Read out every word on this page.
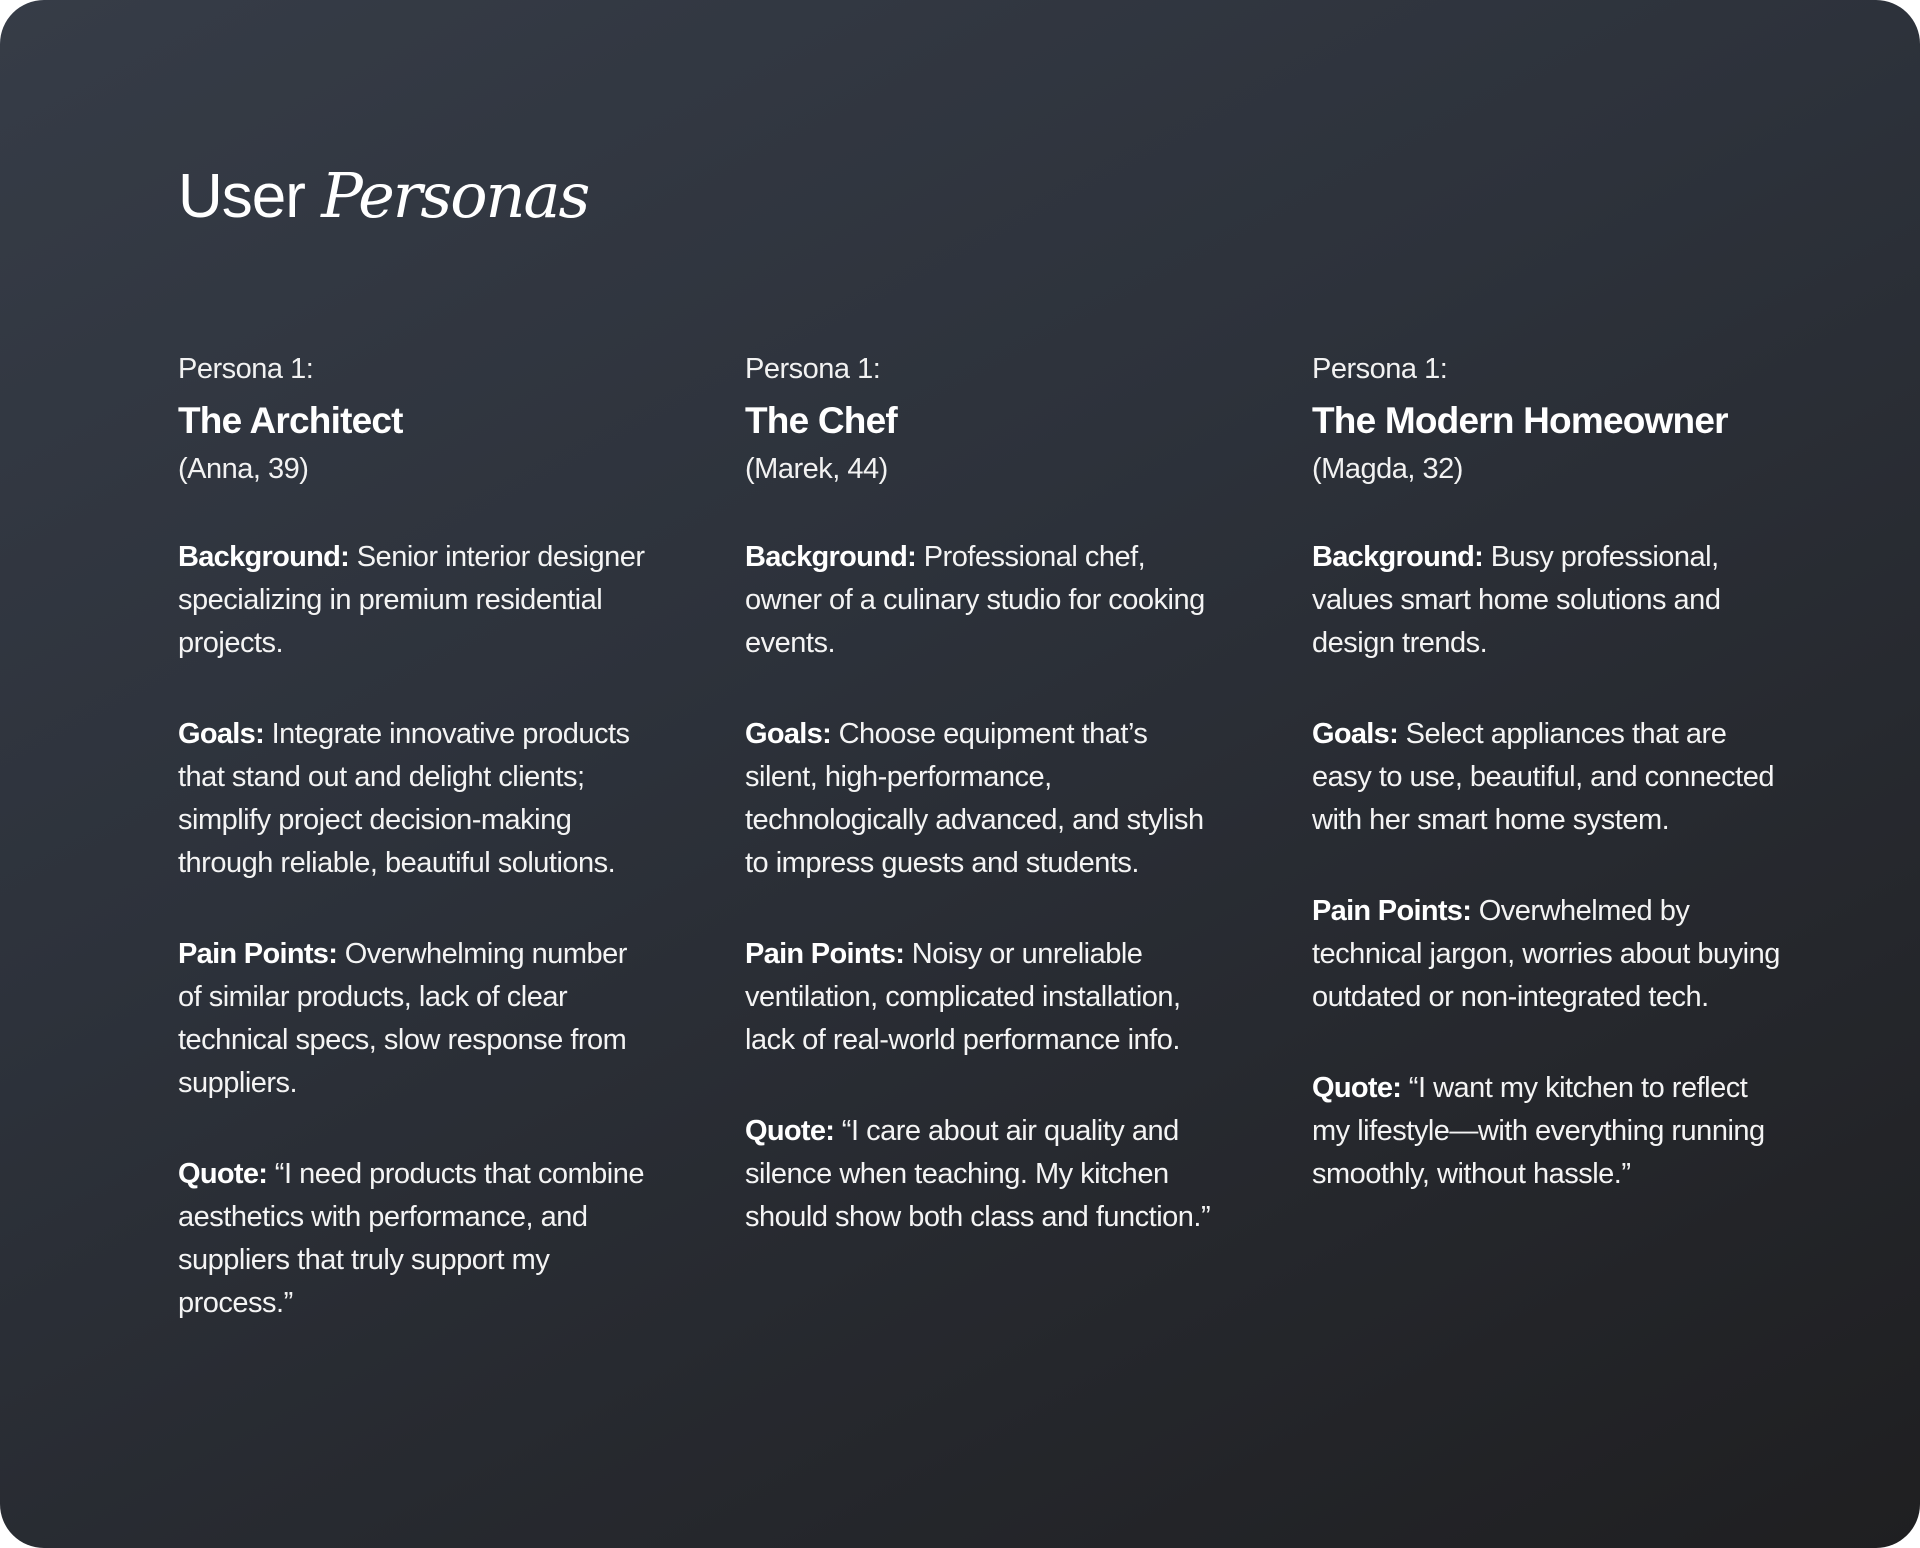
User Personas
Persona 1:
The Architect
(Anna, 39)
Background: Senior interior designer specializing in premium residential projects.
Goals: Integrate innovative products that stand out and delight clients; simplify project decision-making through reliable, beautiful solutions.
Pain Points: Overwhelming number of similar products, lack of clear technical specs, slow response from suppliers.
Quote: “I need products that combine aesthetics with performance, and suppliers that truly support my process.”
Persona 1:
The Chef
(Marek, 44)
Background: Professional chef, owner of a culinary studio for cooking events.
Goals: Choose equipment that’s silent, high-performance, technologically advanced, and stylish to impress guests and students.
Pain Points: Noisy or unreliable ventilation, complicated installation, lack of real-world performance info.
Quote: “I care about air quality and silence when teaching. My kitchen should show both class and function.”
Persona 1:
The Modern Homeowner
(Magda, 32)
Background: Busy professional, values smart home solutions and design trends.
Goals: Select appliances that are easy to use, beautiful, and connected with her smart home system.
Pain Points: Overwhelmed by technical jargon, worries about buying outdated or non-integrated tech.
Quote: “I want my kitchen to reflect my lifestyle—with everything running smoothly, without hassle.”
